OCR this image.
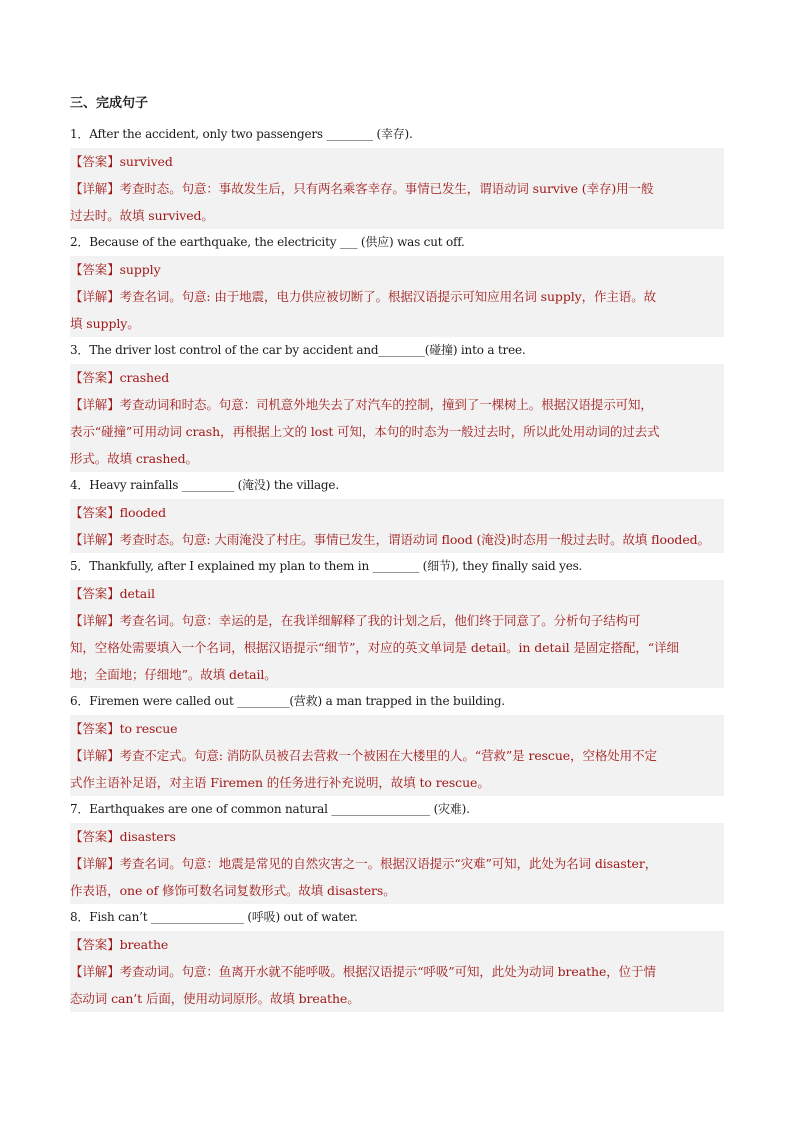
三、完成句子
1．After the accident, only two passengers ________ (幸存).
【答案】survived
【详解】考查时态。句意：事故发生后，只有两名乘客幸存。事情已发生，谓语动词 survive (幸存)用一般
过去时。故填 survived。
2．Because of the earthquake, the electricity ___ (供应) was cut off.
【答案】supply
【详解】考查名词。句意: 由于地震，电力供应被切断了。根据汉语提示可知应用名词 supply，作主语。故
填 supply。
3．The driver lost control of the car by accident and________(碰撞) into a tree.
【答案】crashed
【详解】考查动词和时态。句意：司机意外地失去了对汽车的控制，撞到了一棵树上。根据汉语提示可知，
表示“碰撞”可用动词 crash，再根据上文的 lost 可知，本句的时态为一般过去时，所以此处用动词的过去式
形式。故填 crashed。
4．Heavy rainfalls _________ (淹没) the village.
【答案】flooded
【详解】考查时态。句意: 大雨淹没了村庄。事情已发生，谓语动词 flood (淹没)时态用一般过去时。故填 flooded。
5．Thankfully, after I explained my plan to them in ________ (细节), they finally said yes.
【答案】detail
【详解】考查名词。句意：幸运的是，在我详细解释了我的计划之后，他们终于同意了。分析句子结构可
知，空格处需要填入一个名词，根据汉语提示“细节”，对应的英文单词是 detail。in detail 是固定搭配，“详细
地；全面地；仔细地”。故填 detail。
6．Firemen were called out _________(营救) a man trapped in the building.
【答案】to rescue
【详解】考查不定式。句意: 消防队员被召去营救一个被困在大楼里的人。“营救”是 rescue，空格处用不定
式作主语补足语，对主语 Firemen 的任务进行补充说明，故填 to rescue。
7．Earthquakes are one of common natural _________________ (灾难).
【答案】disasters
【详解】考查名词。句意：地震是常见的自然灾害之一。根据汉语提示“灾难”可知，此处为名词 disaster，
作表语，one of 修饰可数名词复数形式。故填 disasters。
8．Fish can’t ________________ (呼吸) out of water.
【答案】breathe
【详解】考查动词。句意：鱼离开水就不能呼吸。根据汉语提示“呼吸”可知，此处为动词 breathe，位于情
态动词 can’t 后面，使用动词原形。故填 breathe。
